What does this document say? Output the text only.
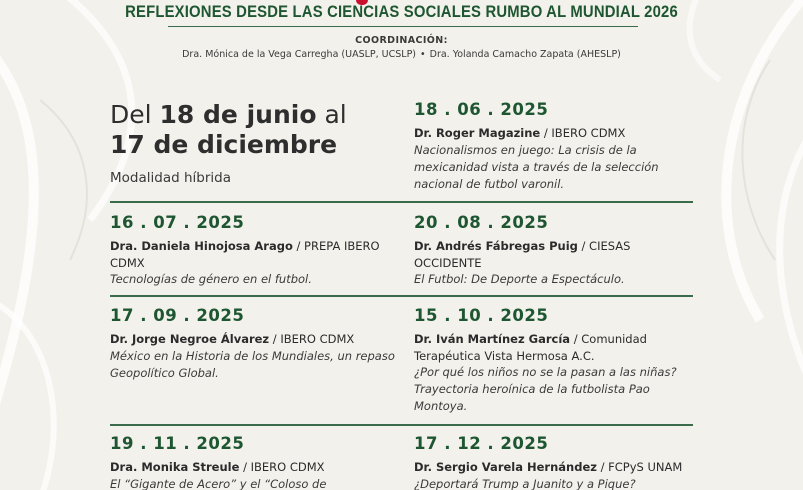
REFLEXIONES DESDE LAS CIENCIAS SOCIALES RUMBO AL MUNDIAL 2026
COORDINACIÓN:
Dra. Mónica de la Vega Carregha (UASLP, UCSLP) • Dra. Yolanda Camacho Zapata (AHESLP)
Del 18 de junio al
17 de diciembre
Modalidad híbrida
18 . 06 . 2025
Dr. Roger Magazine / IBERO CDMX
Nacionalismos en juego: La crisis de la mexicanidad vista a través de la selección nacional de futbol varonil.
16 . 07 . 2025
Dra. Daniela Hinojosa Arago / PREPA IBERO CDMX
Tecnologías de género en el futbol.
20 . 08 . 2025
Dr. Andrés Fábregas Puig / CIESAS OCCIDENTE
El Futbol: De Deporte a Espectáculo.
17 . 09 . 2025
Dr. Jorge Negroe Álvarez / IBERO CDMX
México en la Historia de los Mundiales, un repaso Geopolítico Global.
15 . 10 . 2025
Dr. Iván Martínez García / Comunidad Terapéutica Vista Hermosa A.C.
¿Por qué los niños no se la pasan a las niñas? Trayectoria heroínica de la futbolista Pao Montoya.
19 . 11 . 2025
Dra. Monika Streule / IBERO CDMX
El “Gigante de Acero” y el “Coloso de
17 . 12 . 2025
Dr. Sergio Varela Hernández / FCPyS UNAM
¿Deportará Trump a Juanito y a Pique?
